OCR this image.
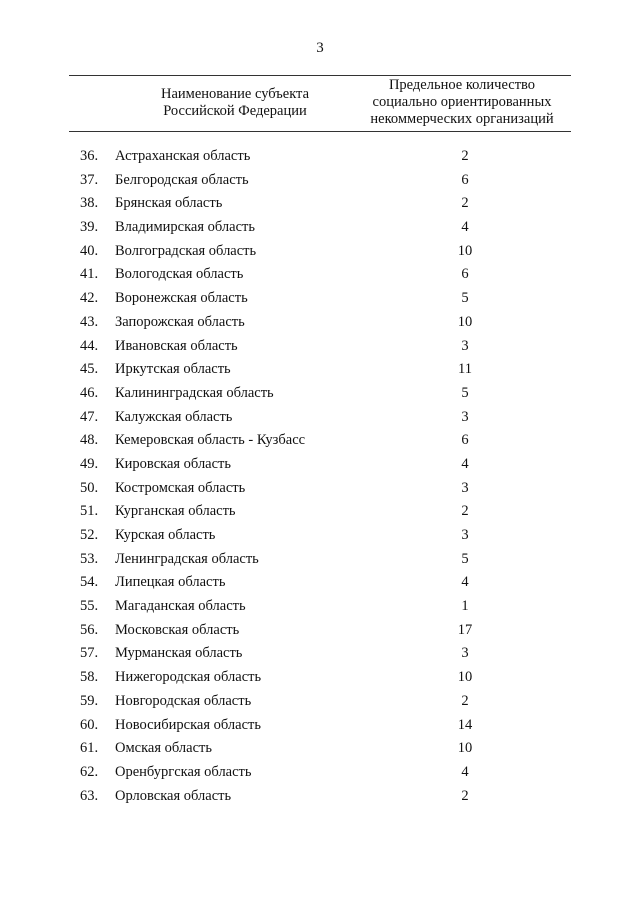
3
Наименование субъекта
Российской Федерации
Предельное количество
социально ориентированных
некоммерческих организаций
36. Астраханская область	2
37. Белгородская область	6
38. Брянская область	2
39. Владимирская область	4
40. Волгоградская область	10
41. Вологодская область	6
42. Воронежская область	5
43. Запорожская область	10
44. Ивановская область	3
45. Иркутская область	11
46. Калининградская область	5
47. Калужская область	3
48. Кемеровская область - Кузбасс	6
49. Кировская область	4
50. Костромская область	3
51. Курганская область	2
52. Курская область	3
53. Ленинградская область	5
54. Липецкая область	4
55. Магаданская область	1
56. Московская область	17
57. Мурманская область	3
58. Нижегородская область	10
59. Новгородская область	2
60. Новосибирская область	14
61. Омская область	10
62. Оренбургская область	4
63. Орловская область	2
